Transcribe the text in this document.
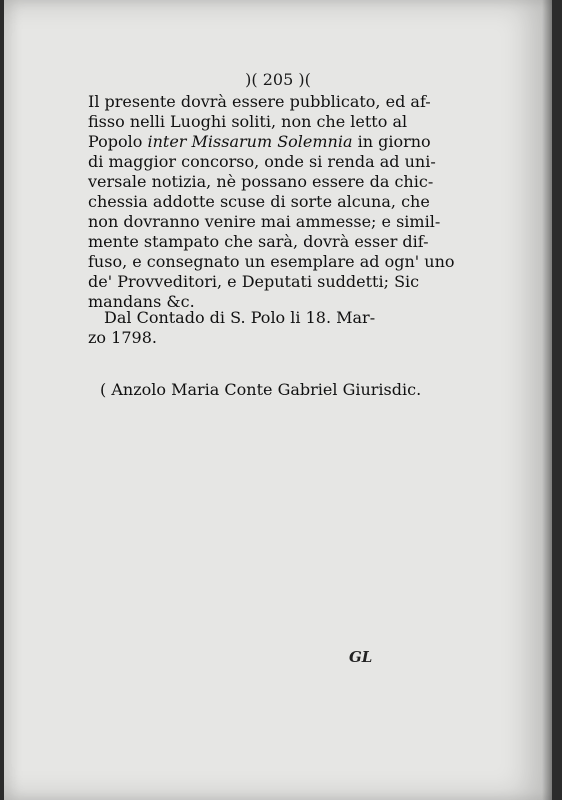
)( 205 )(
Il presente dovrà essere pubblicato, ed af-
fisso nelli Luoghi soliti, non che letto al
Popolo inter Missarum Solemnia in giorno
di maggior concorso, onde si renda ad uni-
versale notizia, nè possano essere da chic-
chessia addotte scuse di sorte alcuna, che
non dovranno venire mai ammesse; e simil-
mente stampato che sarà, dovrà esser dif-
fuso, e consegnato un esemplare ad ogn' uno
de' Provveditori, e Deputati suddetti; Sic
mandans &c.
Dal Contado di S. Polo li 18. Mar-
zo 1798.
( Anzolo Maria Conte Gabriel Giurisdic.
GL
